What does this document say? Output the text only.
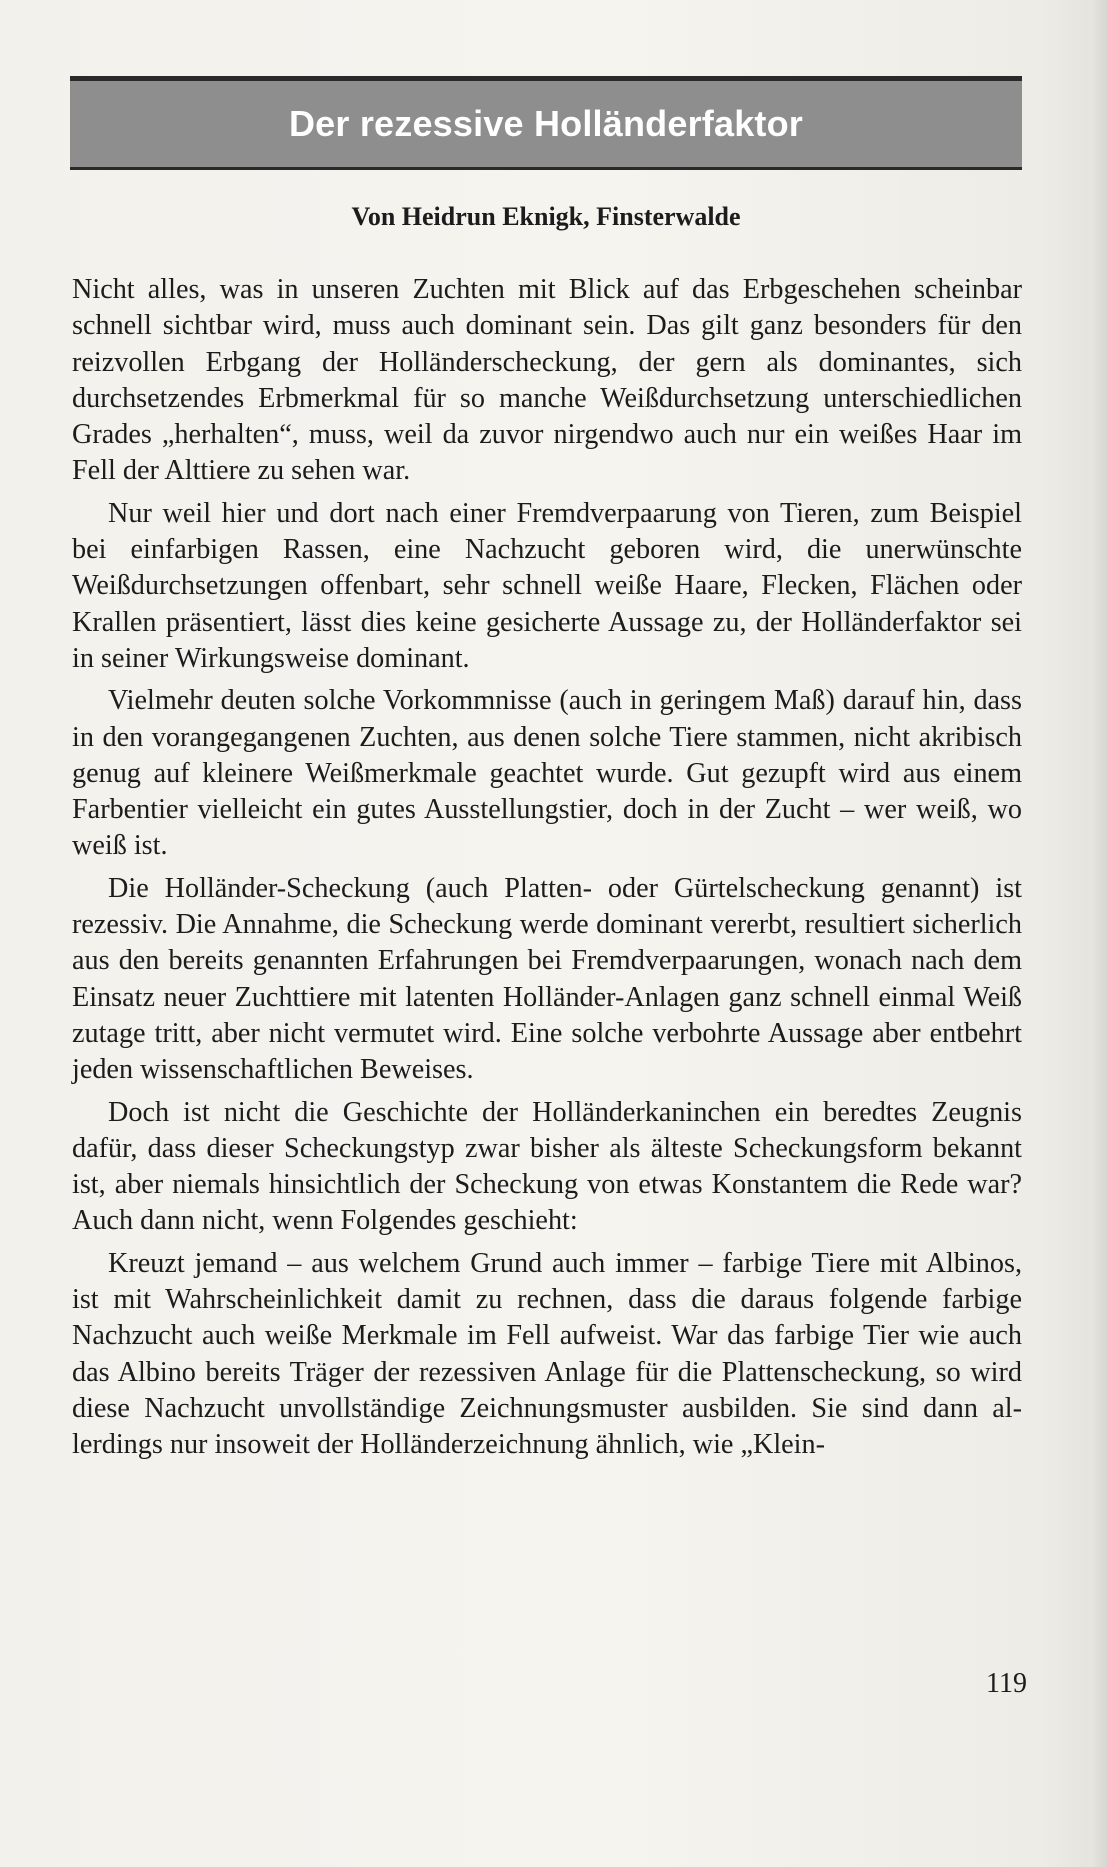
Der rezessive Holländerfaktor
Von Heidrun Eknigk, Finsterwalde

Nicht alles, was in unseren Zuchten mit Blick auf das Erbgeschehen scheinbar schnell sichtbar wird, muss auch dominant sein. Das gilt ganz besonders für den reizvollen Erbgang der Holländerscheckung, der gern als dominantes, sich durchsetzendes Erbmerkmal für so manche Weißdurchsetzung unterschiedlichen Grades „herhalten“, muss, weil da zuvor nirgendwo auch nur ein weißes Haar im Fell der Alttiere zu sehen war.

Nur weil hier und dort nach einer Fremdverpaarung von Tieren, zum Beispiel bei einfarbigen Rassen, eine Nachzucht geboren wird, die unerwünschte Weißdurchsetzungen offenbart, sehr schnell weiße Haare, Flecken, Flächen oder Krallen präsentiert, lässt dies keine gesicherte Aussage zu, der Holländerfaktor sei in seiner Wirkungsweise dominant.

Vielmehr deuten solche Vorkommnisse (auch in geringem Maß) darauf hin, dass in den vorangegangenen Zuchten, aus denen solche Tiere stammen, nicht akribisch genug auf kleinere Weißmerkmale geachtet wurde. Gut gezupft wird aus einem Farbentier vielleicht ein gutes Ausstellungstier, doch in der Zucht – wer weiß, wo weiß ist.

Die Holländer-Scheckung (auch Platten- oder Gürtelscheckung genannt) ist rezessiv. Die Annahme, die Scheckung werde dominant vererbt, resultiert sicherlich aus den bereits genannten Erfahrungen bei Fremdverpaarungen, wonach nach dem Einsatz neuer Zuchttiere mit latenten Holländer-Anlagen ganz schnell einmal Weiß zutage tritt, aber nicht vermutet wird. Eine solche verbohrte Aussage aber entbehrt jeden wissenschaftlichen Beweises.

Doch ist nicht die Geschichte der Holländerkaninchen ein beredtes Zeugnis dafür, dass dieser Scheckungstyp zwar bisher als älteste Scheckungsform bekannt ist, aber niemals hinsichtlich der Scheckung von etwas Konstantem die Rede war? Auch dann nicht, wenn Folgendes geschieht:

Kreuzt jemand – aus welchem Grund auch immer – farbige Tiere mit Albinos, ist mit Wahrscheinlichkeit damit zu rechnen, dass die daraus folgende farbige Nachzucht auch weiße Merkmale im Fell aufweist. War das farbige Tier wie auch das Albino bereits Träger der rezessiven Anlage für die Plattenscheckung, so wird diese Nachzucht unvollständige Zeichnungsmuster ausbilden. Sie sind dann allerdings nur insoweit der Holländerzeichnung ähnlich, wie „Klein-

119
